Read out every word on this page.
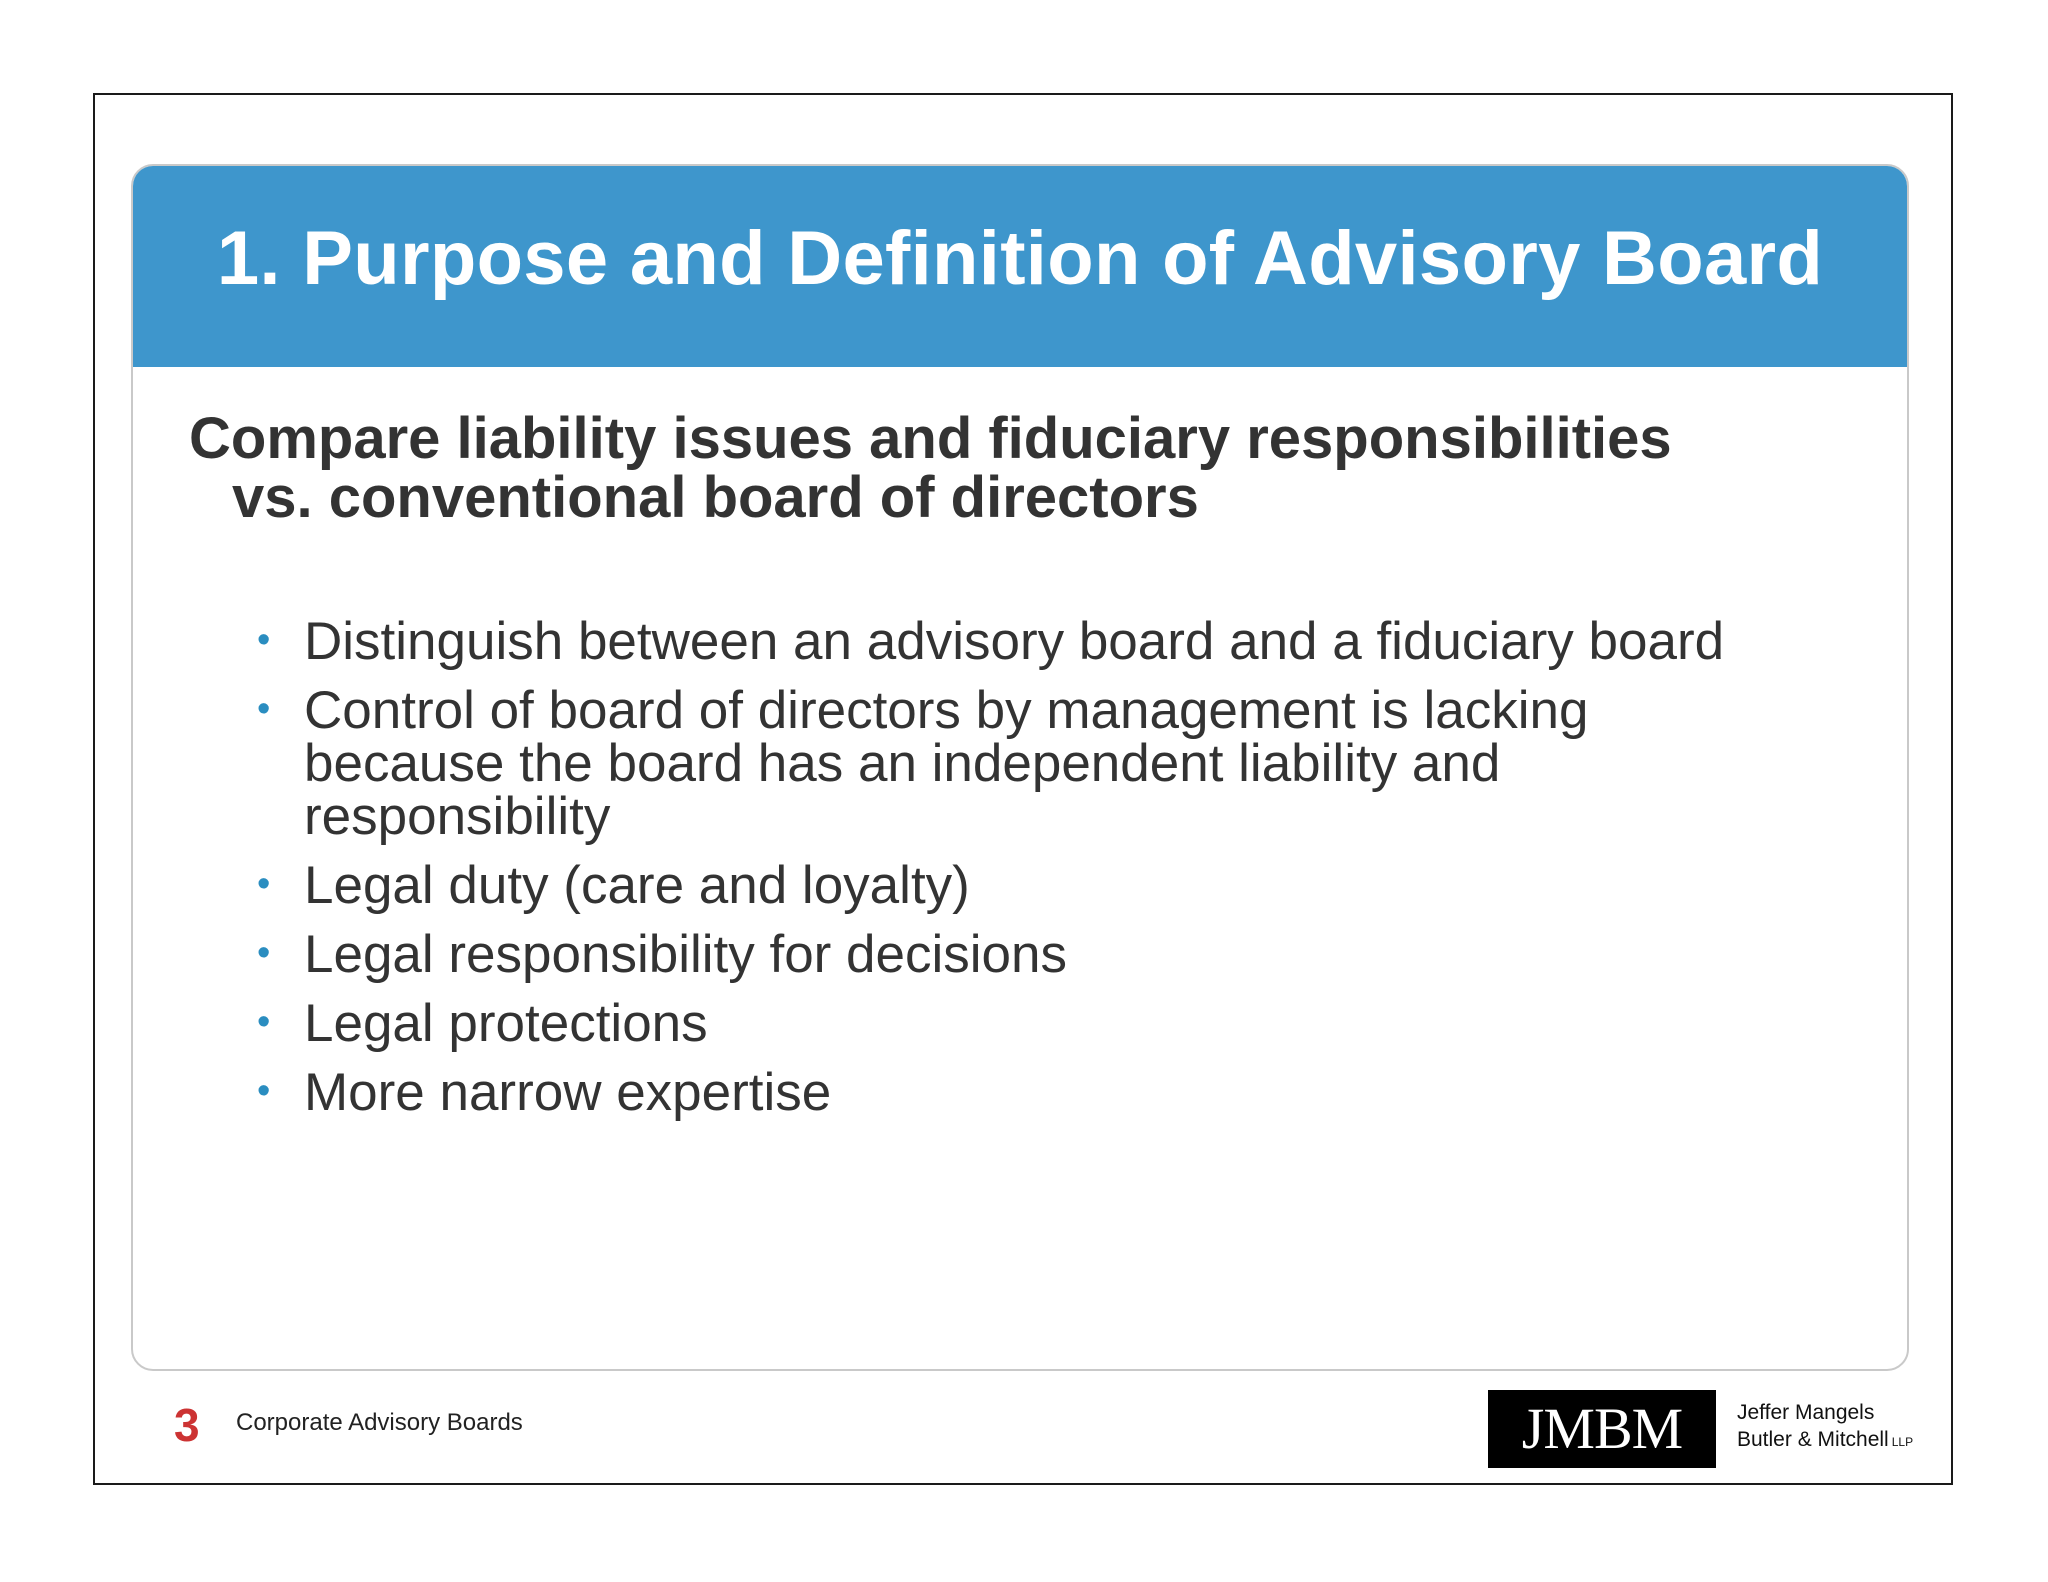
1. Purpose and Definition of Advisory Board

Compare liability issues and fiduciary responsibilities
vs. conventional board of directors

• Distinguish between an advisory board and a fiduciary board
• Control of board of directors by management is lacking because the board has an independent liability and responsibility
• Legal duty (care and loyalty)
• Legal responsibility for decisions
• Legal protections
• More narrow expertise
3 Corporate Advisory Boards	JMBM	Jeffer Mangels
Butler & Mitchell LLP
